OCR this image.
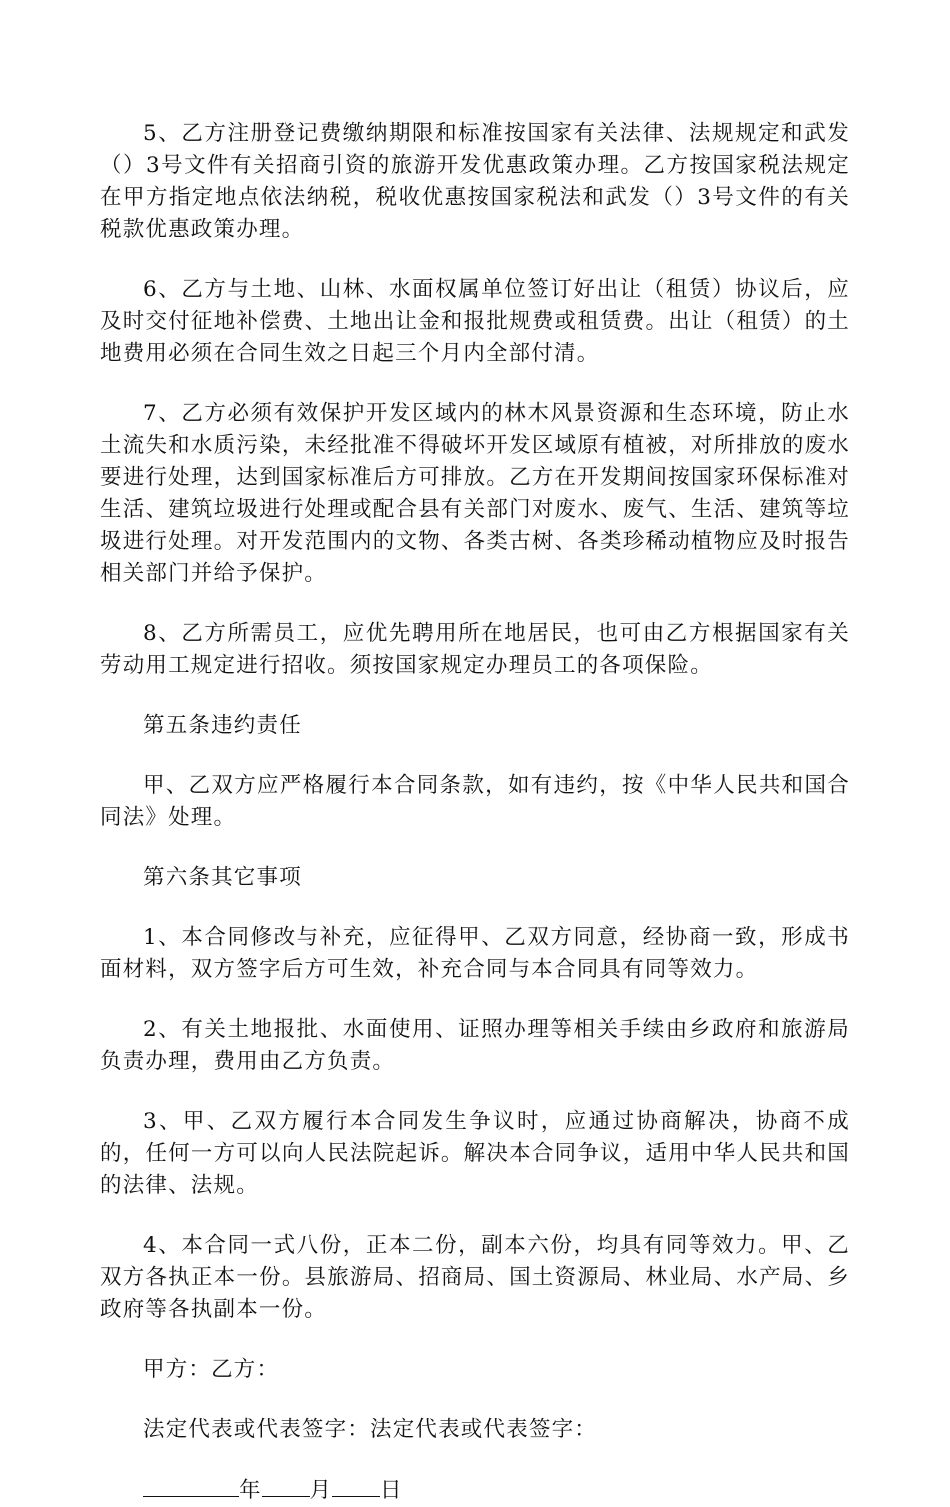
5、乙方注册登记费缴纳期限和标准按国家有关法律、法规规定和武发（）3号文件有关招商引资的旅游开发优惠政策办理。乙方按国家税法规定在甲方指定地点依法纳税，税收优惠按国家税法和武发（）3号文件的有关税款优惠政策办理。

6、乙方与土地、山林、水面权属单位签订好出让（租赁）协议后，应及时交付征地补偿费、土地出让金和报批规费或租赁费。出让（租赁）的土地费用必须在合同生效之日起三个月内全部付清。

7、乙方必须有效保护开发区域内的林木风景资源和生态环境，防止水土流失和水质污染，未经批准不得破坏开发区域原有植被，对所排放的废水要进行处理，达到国家标准后方可排放。乙方在开发期间按国家环保标准对生活、建筑垃圾进行处理或配合县有关部门对废水、废气、生活、建筑等垃圾进行处理。对开发范围内的文物、各类古树、各类珍稀动植物应及时报告相关部门并给予保护。

8、乙方所需员工，应优先聘用所在地居民，也可由乙方根据国家有关劳动用工规定进行招收。须按国家规定办理员工的各项保险。

第五条违约责任

甲、乙双方应严格履行本合同条款，如有违约，按《中华人民共和国合同法》处理。

第六条其它事项

1、本合同修改与补充，应征得甲、乙双方同意，经协商一致，形成书面材料，双方签字后方可生效，补充合同与本合同具有同等效力。

2、有关土地报批、水面使用、证照办理等相关手续由乡政府和旅游局负责办理，费用由乙方负责。

3、甲、乙双方履行本合同发生争议时，应通过协商解决，协商不成的，任何一方可以向人民法院起诉。解决本合同争议，适用中华人民共和国的法律、法规。

4、本合同一式八份，正本二份，副本六份，均具有同等效力。甲、乙双方各执正本一份。县旅游局、招商局、国土资源局、林业局、水产局、乡政府等各执副本一份。

甲方：乙方：

法定代表或代表签字：法定代表或代表签字：

年 月 日
